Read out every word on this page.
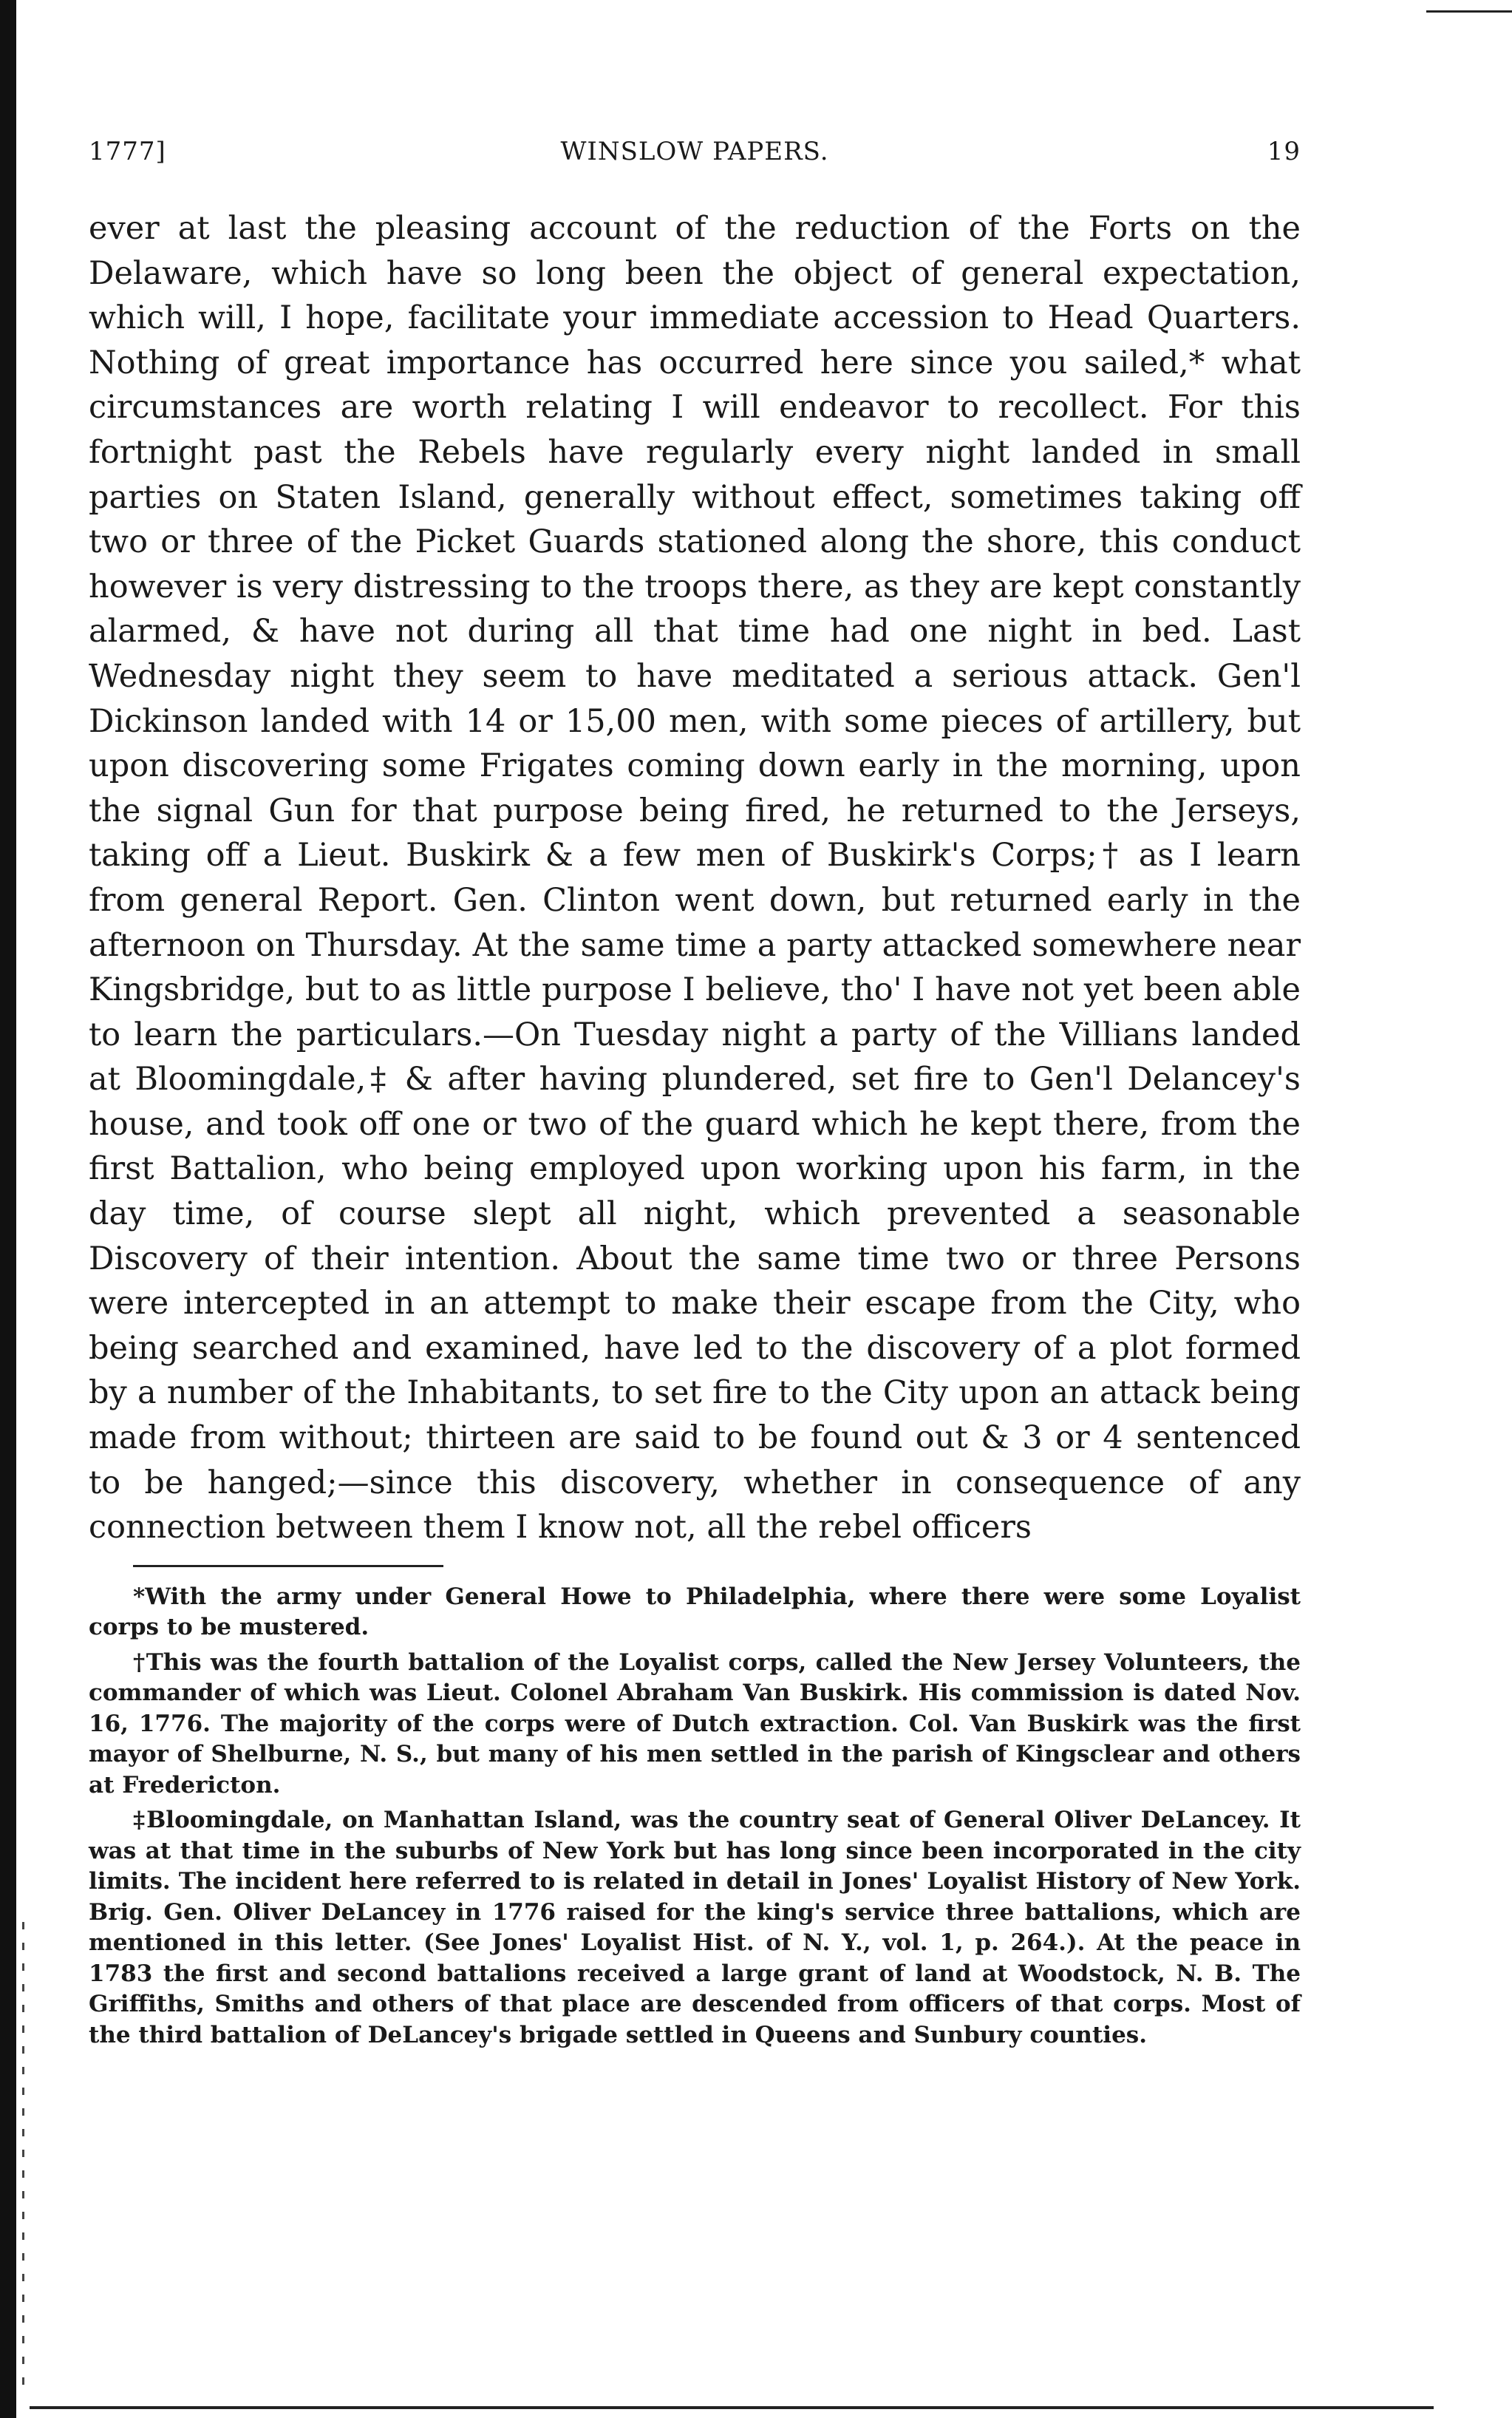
1777]	WINSLOW PAPERS.	19

ever at last the pleasing account of the reduction of the Forts on the Delaware, which have so long been the object of general expectation, which will, I hope, facilitate your immediate accession to Head Quarters. Nothing of great importance has occurred here since you sailed,* what circumstances are worth relating I will endeavor to recollect. For this fortnight past the Rebels have regularly every night landed in small parties on Staten Island, generally without effect, sometimes taking off two or three of the Picket Guards stationed along the shore, this conduct however is very distressing to the troops there, as they are kept constantly alarmed, & have not during all that time had one night in bed. Last Wednesday night they seem to have meditated a serious attack. Gen'l Dickinson landed with 14 or 15,00 men, with some pieces of artillery, but upon discovering some Frigates coming down early in the morning, upon the signal Gun for that purpose being fired, he returned to the Jerseys, taking off a Lieut. Buskirk & a few men of Buskirk's Corps;† as I learn from general Report. Gen. Clinton went down, but returned early in the afternoon on Thursday. At the same time a party attacked somewhere near Kingsbridge, but to as little purpose I believe, tho' I have not yet been able to learn the particulars.—On Tuesday night a party of the Villians landed at Bloomingdale,‡ & after having plundered, set fire to Gen'l Delancey's house, and took off one or two of the guard which he kept there, from the first Battalion, who being employed upon working upon his farm, in the day time, of course slept all night, which prevented a seasonable Discovery of their intention. About the same time two or three Persons were intercepted in an attempt to make their escape from the City, who being searched and examined, have led to the discovery of a plot formed by a number of the Inhabitants, to set fire to the City upon an attack being made from without; thirteen are said to be found out & 3 or 4 sentenced to be hanged;—since this discovery, whether in consequence of any connection between them I know not, all the rebel officers

*With the army under General Howe to Philadelphia, where there were some Loyalist corps to be mustered.

†This was the fourth battalion of the Loyalist corps, called the New Jersey Volunteers, the commander of which was Lieut. Colonel Abraham Van Buskirk. His commission is dated Nov. 16, 1776. The majority of the corps were of Dutch extraction. Col. Van Buskirk was the first mayor of Shelburne, N. S., but many of his men settled in the parish of Kingsclear and others at Fredericton.

‡Bloomingdale, on Manhattan Island, was the country seat of General Oliver DeLancey. It was at that time in the suburbs of New York but has long since been incorporated in the city limits. The incident here referred to is related in detail in Jones' Loyalist History of New York. Brig. Gen. Oliver DeLancey in 1776 raised for the king's service three battalions, which are mentioned in this letter. (See Jones' Loyalist Hist. of N. Y., vol. 1, p. 264.). At the peace in 1783 the first and second battalions received a large grant of land at Woodstock, N. B. The Griffiths, Smiths and others of that place are descended from officers of that corps. Most of the third battalion of DeLancey's brigade settled in Queens and Sunbury counties.
